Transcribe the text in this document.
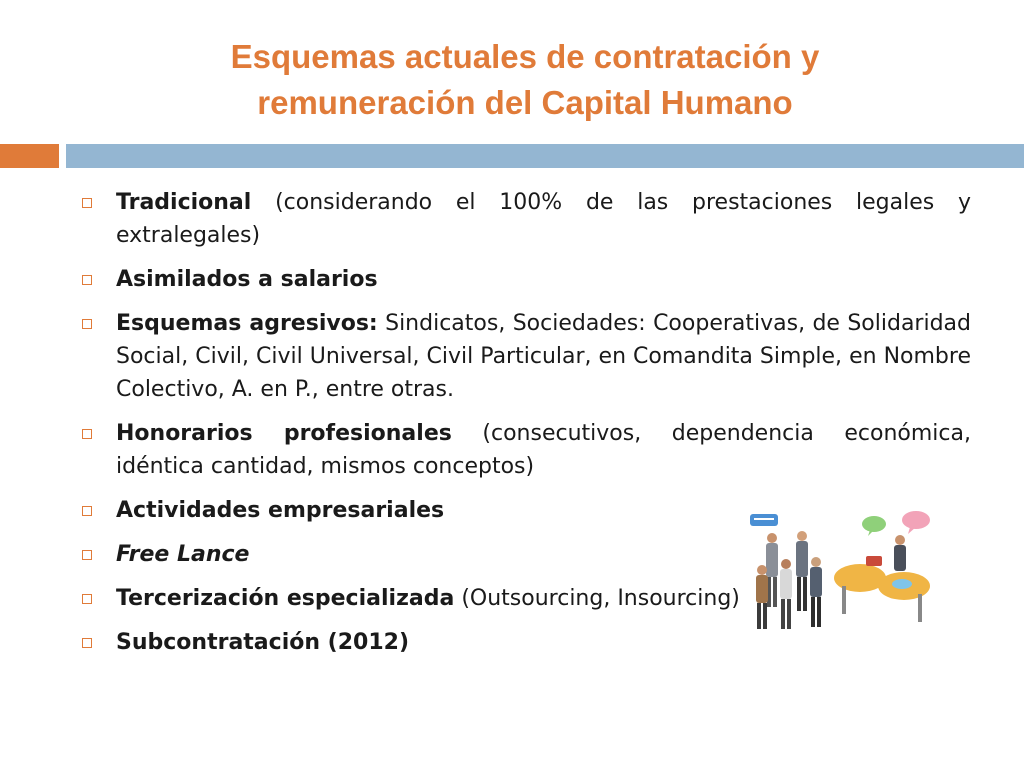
Esquemas actuales de contratación y
remuneración del Capital Humano
Tradicional (considerando el 100% de las prestaciones legales y extralegales)
Asimilados a salarios
Esquemas agresivos: Sindicatos, Sociedades: Cooperativas, de Solidaridad Social, Civil, Civil Universal, Civil Particular, en Comandita Simple, en Nombre Colectivo, A. en P., entre otras.
Honorarios profesionales (consecutivos, dependencia económica, idéntica cantidad, mismos conceptos)
Actividades empresariales
Free Lance
Tercerización especializada (Outsourcing, Insourcing)
Subcontratación (2012)
